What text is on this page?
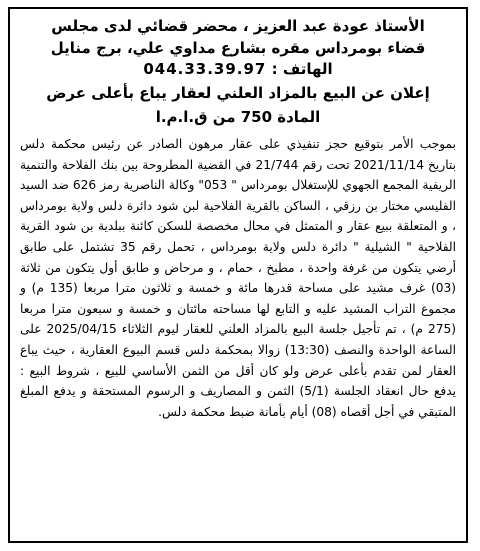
الأستاذ عودة عبد العزيز ، محضر قضائي لدى مجلس
قضاء بومرداس مقره بشارع مداوي علي، برج منايل
الهاتف : 044.33.39.97
إعلان عن البيع بالمزاد العلني لعقار يباع بأعلى عرض
المادة 750 من ق.ا.م.ا
بموجب الأمر بتوقيع حجز تنفيذي على عقار مرهون الصادر عن رئيس محكمة دلس بتاريخ 2021/11/14 تحت رقم 21/744 في القضية المطروحة بين بنك الفلاحة والتنمية الريفية المجمع الجهوي للإستغلال بومرداس " 053" وكالة الناصرية رمز 626 ضد السيد الفليسي مختار بن رزقي ، الساكن بالقرية الفلاحية لبن شود دائرة دلس ولاية بومرداس ، و المتعلقة ببيع عقار و المتمثل في محال مخصصة للسكن كائنة ببلدية بن شود القرية الفلاحية " الشيلية " دائرة دلس ولاية بومرداس ، تحمل رقم 35 تشتمل على طابق أرضي يتكون من غرفة واحدة ، مطبخ ، حمام ، و مرحاض و طابق أول يتكون من ثلاثة (03) غرف مشيد على مساحة قدرها مائة و خمسة و ثلاثون مترا مربعا (135 م) و مجموع التراب المشيد عليه و التابع لها مساحته مائتان و خمسة و سبعون مترا مربعا (275 م) ، تم تأجيل جلسة البيع بالمزاد العلني للعقار ليوم الثلاثاء 2025/04/15 على الساعة الواحدة والنصف (13:30) زوالا بمحكمة دلس قسم البيوع العقارية ، حيث يباع العقار لمن تقدم بأعلى عرض ولو كان أقل من الثمن الأساسي للبيع ، شروط البيع : يدفع حال انعقاد الجلسة (5/1) الثمن و المصاريف و الرسوم المستحقة و يدفع المبلغ المتبقي في أجل أقصاه (08) أيام بأمانة ضبط محكمة دلس.
